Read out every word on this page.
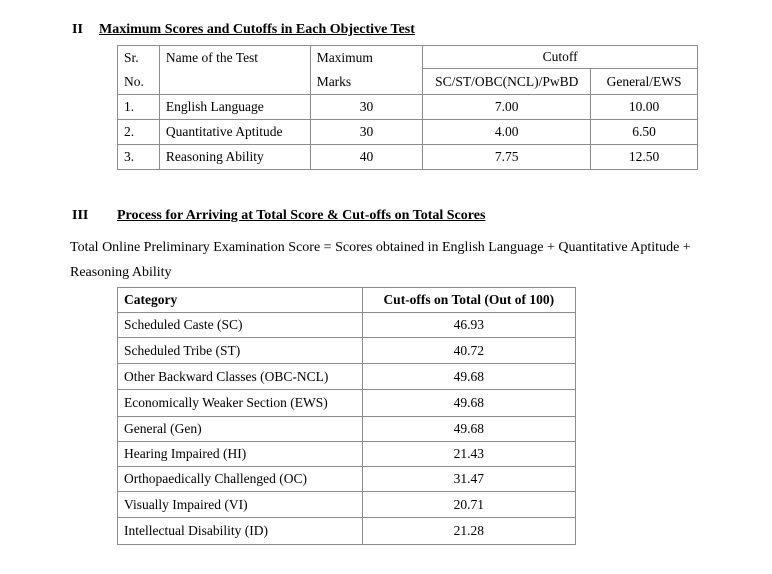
II Maximum Scores and Cutoffs in Each Objective Test
Sr.	Name of the Test	Maximum	Cutoff	
No.		Marks	SC/ST/OBC(NCL)/PwBD	General/EWS
1.	English Language	30	7.00	10.00
2.	Quantitative Aptitude	30	4.00	6.50
3.	Reasoning Ability	40	7.75	12.50
III Process for Arriving at Total Score & Cut-offs on Total Scores
Total Online Preliminary Examination Score = Scores obtained in English Language + Quantitative Aptitude +
Reasoning Ability
Category	Cut-offs on Total (Out of 100)
Scheduled Caste (SC)	46.93
Scheduled Tribe (ST)	40.72
Other Backward Classes (OBC-NCL)	49.68
Economically Weaker Section (EWS)	49.68
General (Gen)	49.68
Hearing Impaired (HI)	21.43
Orthopaedically Challenged (OC)	31.47
Visually Impaired (VI)	20.71
Intellectual Disability (ID)	21.28
